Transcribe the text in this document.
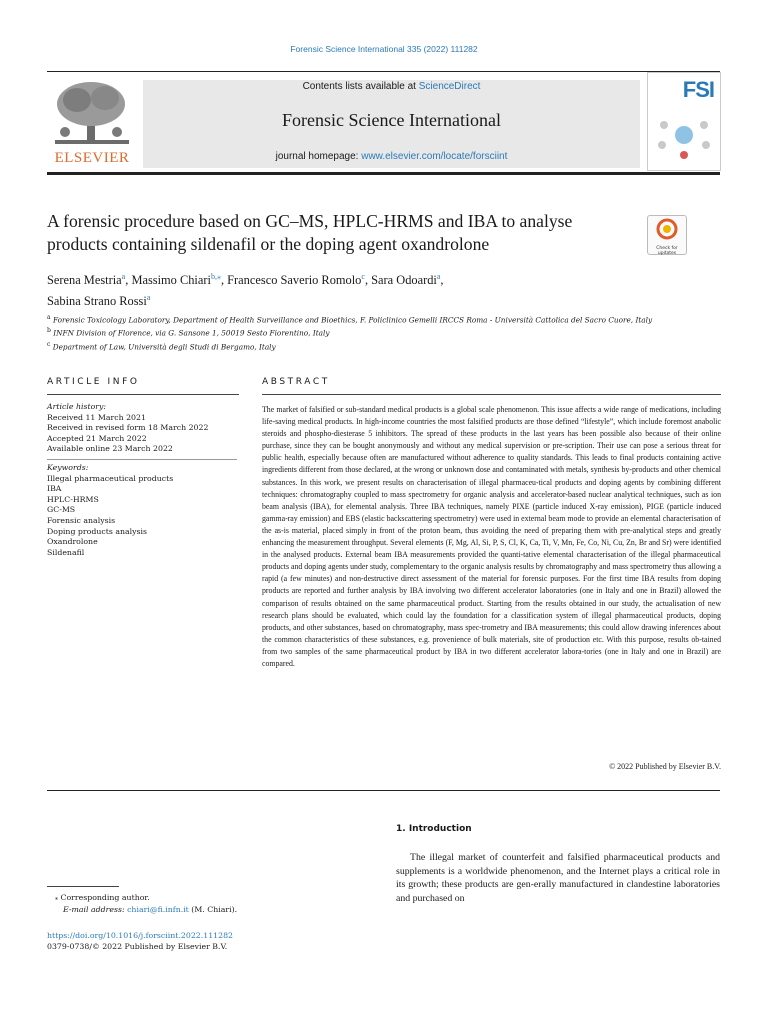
Forensic Science International 335 (2022) 111282
ELSEVIER
Contents lists available at ScienceDirect
Forensic Science International
journal homepage: www.elsevier.com/locate/forsciint
FSI
A forensic procedure based on GC–MS, HPLC-HRMS and IBA to analyse
products containing sildenafil or the doping agent oxandrolone	Check for
updates
Serena Mestria$^a$, Massimo Chiari$^{b,⁎}$, Francesco Saverio Romolo$^c$, Sara Odoardi$^a$,
Sabina Strano Rossi$^a$
$^a$ Forensic Toxicology Laboratory, Department of Health Surveillance and Bioethics, F. Policlinico Gemelli IRCCS Roma - Università Cattolica del Sacro Cuore, Italy
$^b$ INFN Division of Florence, via G. Sansone 1, 50019 Sesto Fiorentino, Italy
$^c$ Department of Law, Università degli Studi di Bergamo, Italy
ARTICLE INFO
Article history:
Received 11 March 2021
Received in revised form 18 March 2022
Accepted 21 March 2022
Available online 23 March 2022
Keywords:
Illegal pharmaceutical products
IBA
HPLC-HRMS
GC-MS
Forensic analysis
Doping products analysis
Oxandrolone
Sildenafil
ABSTRACT
The market of falsified or sub-standard medical products is a global scale phenomenon. This issue affects a wide range of medications, including life-saving medical products. In high-income countries the most falsified products are those defined “lifestyle”, which include foremost anabolic steroids and phospho-diesterase 5 inhibitors. The spread of these products in the last years has been possible also because of their online purchase, since they can be bought anonymously and without any medical supervision or pre-scription. Their use can pose a serious threat for public health, especially because often are manufactured without adherence to quality standards. This leads to final products containing active ingredients different from those declared, at the wrong or unknown dose and contaminated with metals, synthesis by-products and other chemical substances. In this work, we present results on characterisation of illegal pharmaceu-tical products and doping agents by combining different techniques: chromatography coupled to mass spectrometry for organic analysis and accelerator-based nuclear analytical techniques, such as ion beam analysis (IBA), for elemental analysis. Three IBA techniques, namely PIXE (particle induced X-ray emission), PIGE (particle induced gamma-ray emission) and EBS (elastic backscattering spectrometry) were used in external beam mode to provide an elemental characterisation of the as-is material, placed simply in front of the proton beam, thus avoiding the need of preparing them with pre-analytical steps and greatly enhancing the measurement throughput. Several elements (F, Mg, Al, Si, P, S, Cl, K, Ca, Ti, V, Mn, Fe, Co, Ni, Cu, Zn, Br and Sr) were identified in the analysed products. External beam IBA measurements provided the quanti-tative elemental characterisation of the illegal pharmaceutical products and doping agents under study, complementary to the organic analysis results by chromatography and mass spectrometry thus allowing a rapid (a few minutes) and non-destructive direct assessment of the material for forensic purposes. For the first time IBA results from doping products are reported and further analysis by IBA involving two different accelerator laboratories (one in Italy and one in Brazil) allowed the comparison of results obtained on the same pharmaceutical product. Starting from the results obtained in our study, the actualisation of new research plans should be evaluated, which could lay the foundation for a classification system of illegal pharmaceutical products, doping products, and other substances, based on chromatography, mass spec-trometry and IBA measurements; this could allow drawing inferences about the common characteristics of these substances, e.g. provenience of bulk materials, site of production etc. With this purpose, results ob-tained from two samples of the same pharmaceutical product by IBA in two different accelerator labora-tories (one in Italy and one in Brazil) are compared.
© 2022 Published by Elsevier B.V.
1. Introduction
The illegal market of counterfeit and falsified pharmaceutical products and supplements is a worldwide phenomenon, and the Internet plays a critical role in its growth; these products are gen-erally manufactured in clandestine laboratories and purchased on
⁎ Corresponding author.
E-mail address: chiari@fi.infn.it (M. Chiari).
https://doi.org/10.1016/j.forsciint.2022.111282
0379-0738/© 2022 Published by Elsevier B.V.
